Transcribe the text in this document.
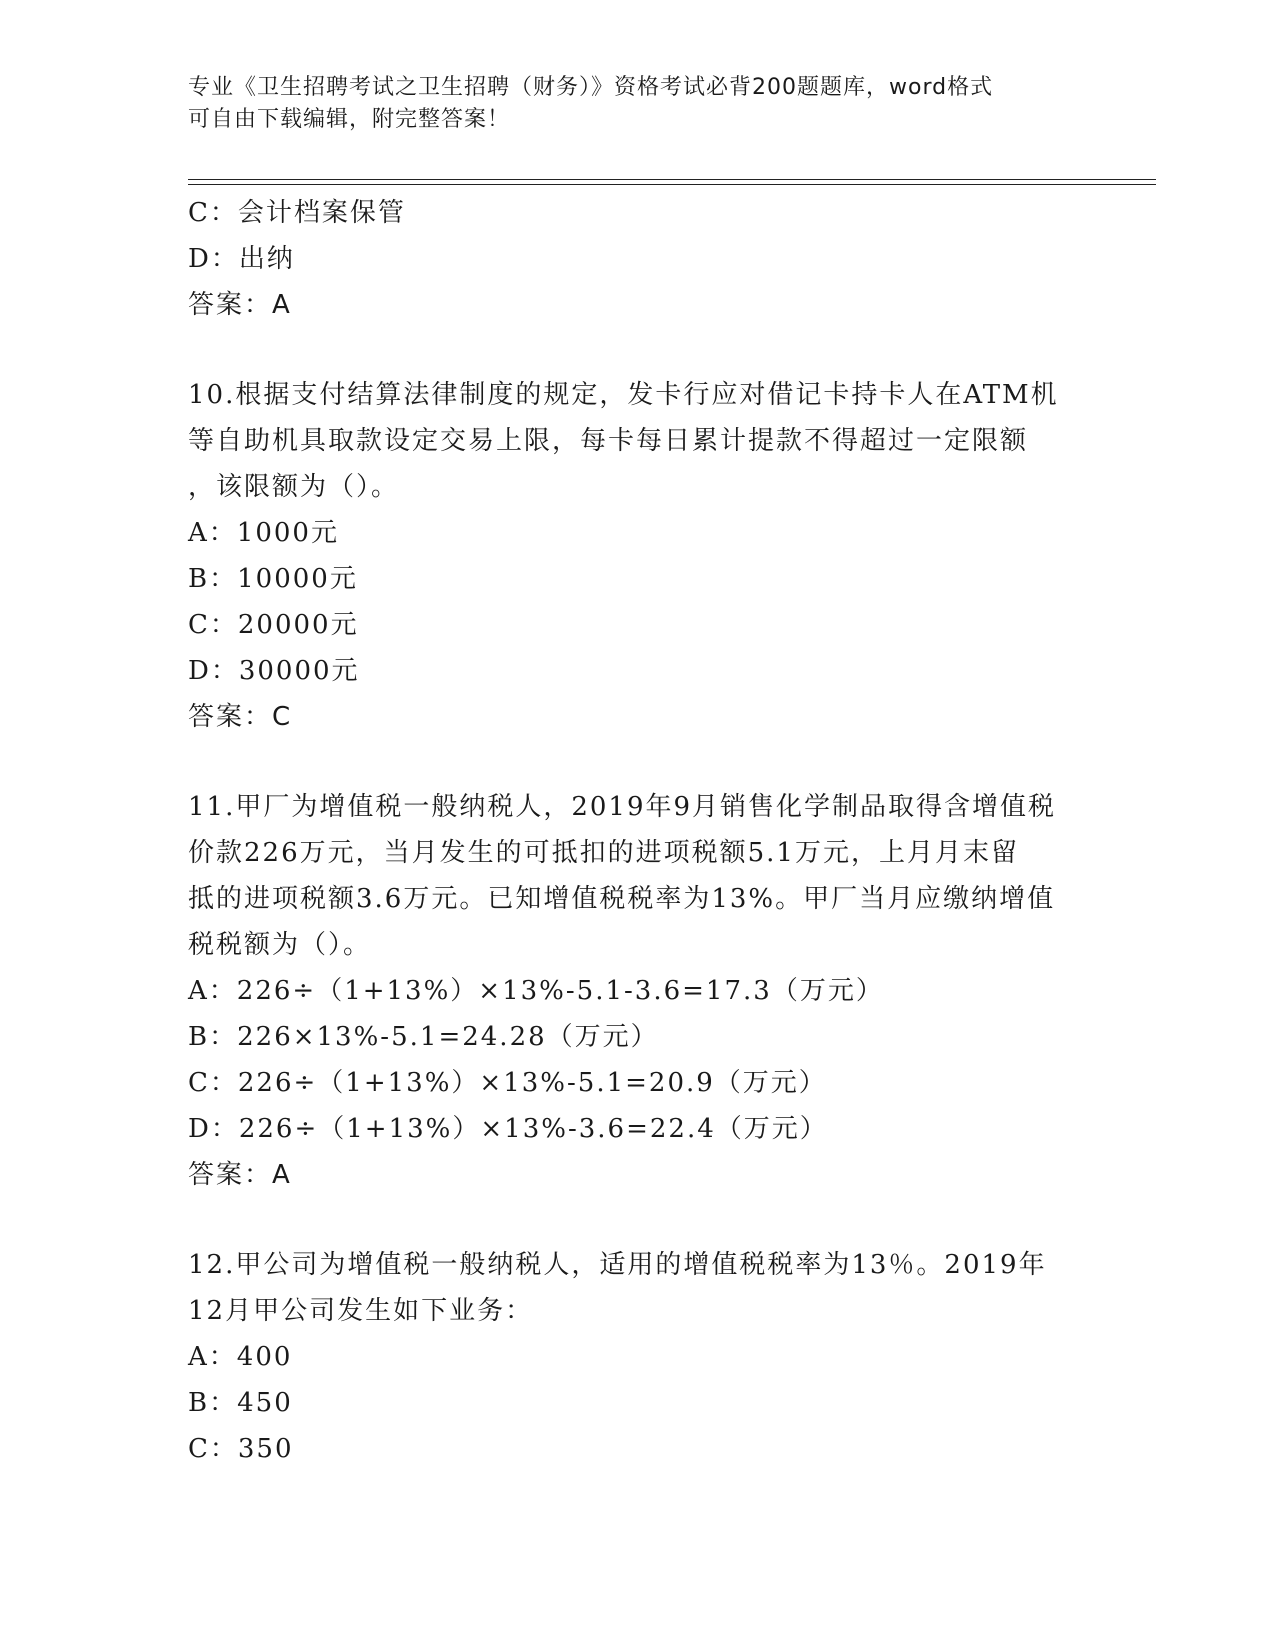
专业《卫生招聘考试之卫生招聘（财务）》资格考试必背200题题库，word格式
可自由下载编辑，附完整答案！
C：会计档案保管
D：出纳
答案：A
10.根据支付结算法律制度的规定，发卡行应对借记卡持卡人在ATM机
等自助机具取款设定交易上限，每卡每日累计提款不得超过一定限额
，该限额为（）。
A：1000元
B：10000元
C：20000元
D：30000元
答案：C
11.甲厂为增值税一般纳税人，2019年9月销售化学制品取得含增值税
价款226万元，当月发生的可抵扣的进项税额5.1万元，上月月末留
抵的进项税额3.6万元。已知增值税税率为13%。甲厂当月应缴纳增值
税税额为（）。
A：226÷（1+13%）×13%-5.1-3.6=17.3（万元）
B：226×13%-5.1=24.28（万元）
C：226÷（1+13%）×13%-5.1=20.9（万元）
D：226÷（1+13%）×13%-3.6=22.4（万元）
答案：A
12.甲公司为增值税一般纳税人，适用的增值税税率为13％。2019年
12月甲公司发生如下业务：
A：400
B：450
C：350
